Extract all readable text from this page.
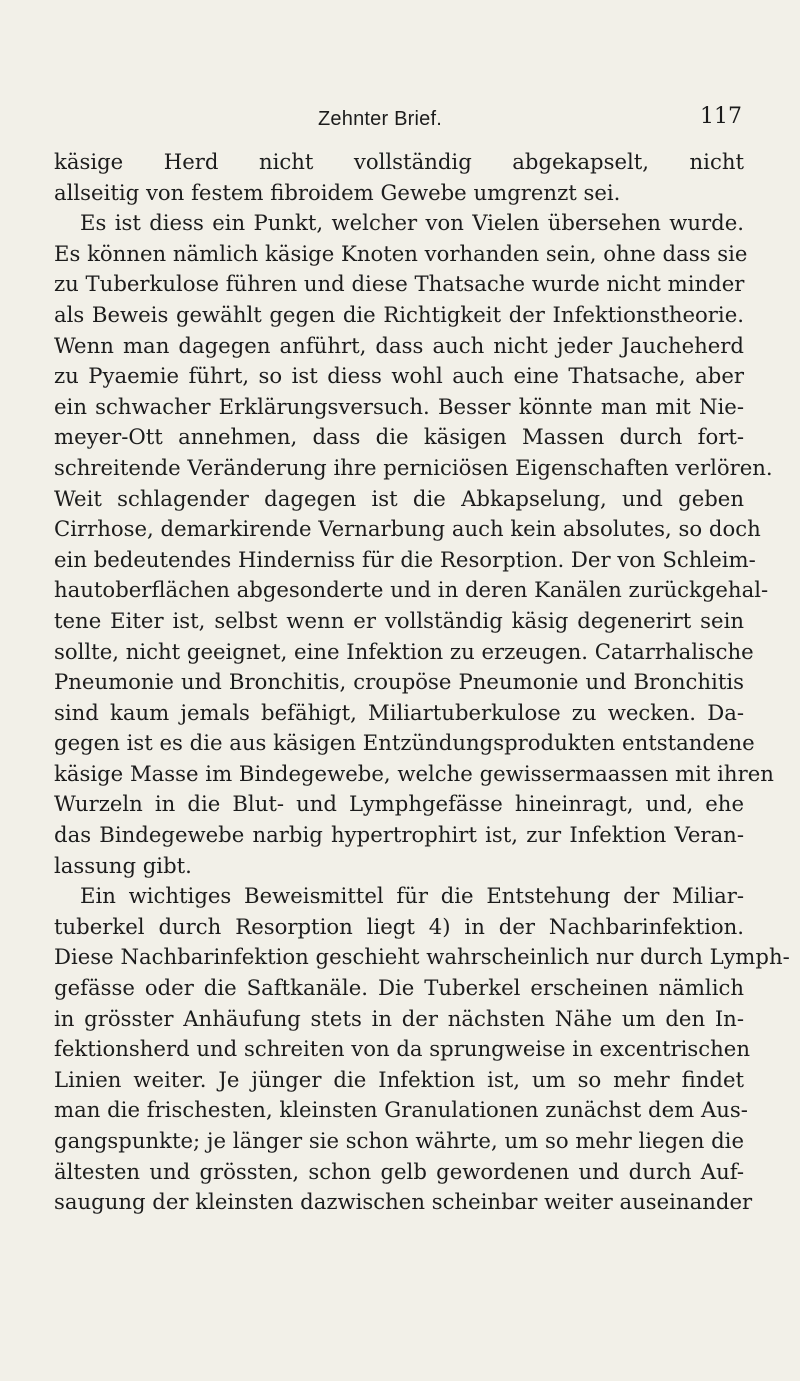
Zehnter Brief.	117
käsige Herd nicht vollständig abgekapselt, nicht
allseitig von festem fibroidem Gewebe umgrenzt sei.
Es ist diess ein Punkt, welcher von Vielen übersehen wurde.
Es können nämlich käsige Knoten vorhanden sein, ohne dass sie
zu Tuberkulose führen und diese Thatsache wurde nicht minder
als Beweis gewählt gegen die Richtigkeit der Infektionstheorie.
Wenn man dagegen anführt, dass auch nicht jeder Jaucheherd
zu Pyaemie führt, so ist diess wohl auch eine Thatsache, aber
ein schwacher Erklärungsversuch. Besser könnte man mit Nie-
meyer-Ott annehmen, dass die käsigen Massen durch fort-
schreitende Veränderung ihre perniciösen Eigenschaften verlören.
Weit schlagender dagegen ist die Abkapselung, und geben
Cirrhose, demarkirende Vernarbung auch kein absolutes, so doch
ein bedeutendes Hinderniss für die Resorption. Der von Schleim-
hautoberflächen abgesonderte und in deren Kanälen zurückgehal-
tene Eiter ist, selbst wenn er vollständig käsig degenerirt sein
sollte, nicht geeignet, eine Infektion zu erzeugen. Catarrhalische
Pneumonie und Bronchitis, croupöse Pneumonie und Bronchitis
sind kaum jemals befähigt, Miliartuberkulose zu wecken. Da-
gegen ist es die aus käsigen Entzündungsprodukten entstandene
käsige Masse im Bindegewebe, welche gewissermaassen mit ihren
Wurzeln in die Blut- und Lymphgefässe hineinragt, und, ehe
das Bindegewebe narbig hypertrophirt ist, zur Infektion Veran-
lassung gibt.
Ein wichtiges Beweismittel für die Entstehung der Miliar-
tuberkel durch Resorption liegt 4) in der Nachbarinfektion.
Diese Nachbarinfektion geschieht wahrscheinlich nur durch Lymph-
gefässe oder die Saftkanäle. Die Tuberkel erscheinen nämlich
in grösster Anhäufung stets in der nächsten Nähe um den In-
fektionsherd und schreiten von da sprungweise in excentrischen
Linien weiter. Je jünger die Infektion ist, um so mehr findet
man die frischesten, kleinsten Granulationen zunächst dem Aus-
gangspunkte; je länger sie schon währte, um so mehr liegen die
ältesten und grössten, schon gelb gewordenen und durch Auf-
saugung der kleinsten dazwischen scheinbar weiter auseinander
